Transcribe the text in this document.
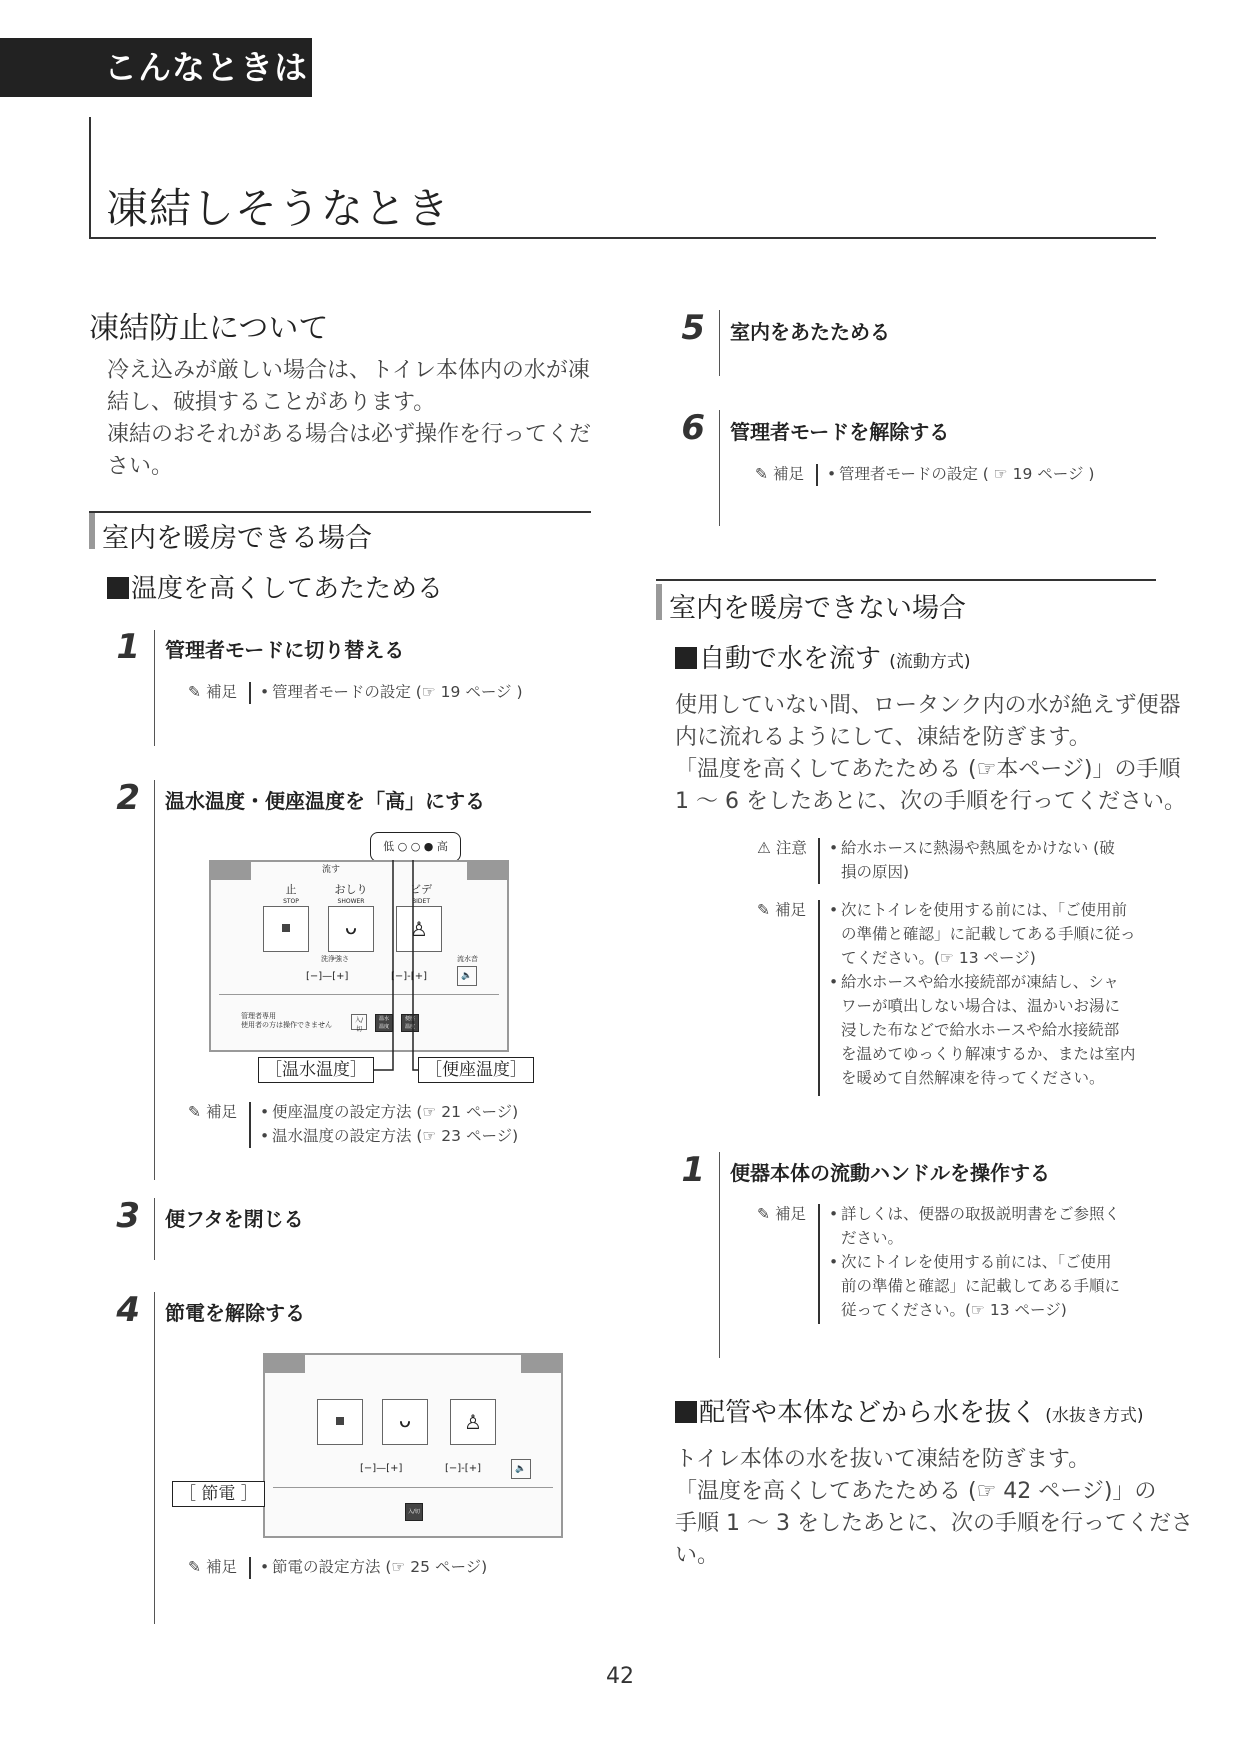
こんなときは
凍結しそうなとき
凍結防止について
冷え込みが厳しい場合は、トイレ本体内の水が凍
結し、破損することがあります。
凍結のおそれがある場合は必ず操作を行ってくだ
さい。
室内を暖房できる場合
温度を高くしてあたためる
1 管理者モードに切り替える
✎ 補足	• 管理者モードの設定 (☞ 19 ページ )
2 温水温度・便座温度を「高」にする
低 ○ ○ ● 高
流す
止
STOP
おしり
SHOWER
ビデ
BIDET
ᴗ	♙
洗浄強さ
[−]—[+]	[−]-[+]
流水音
🔈
管理者専用
使用者の方は操作できません
入/切
温水
温度
便座
温度
［温水温度］	［便座温度］
✎ 補足	• 便座温度の設定方法 (☞ 21 ページ)
• 温水温度の設定方法 (☞ 23 ページ)
3 便フタを閉じる
4 節電を解除する
ᴗ	♙
[−]—[+]	[−]-[+]	🔈
入/切
［ 節電 ］
✎ 補足	• 節電の設定方法 (☞ 25 ページ)
5 室内をあたためる
6 管理者モードを解除する
✎ 補足	• 管理者モードの設定 ( ☞ 19 ページ )
室内を暖房できない場合
自動で水を流す (流動方式)
使用していない間、ロータンク内の水が絶えず便器
内に流れるようにして、凍結を防ぎます。
「温度を高くしてあたためる (☞本ページ)」の手順
1 ～ 6 をしたあとに、次の手順を行ってください。
⚠ 注意	• 給水ホースに熱湯や熱風をかけない (破損の原因)
✎ 補足 • 次にトイレを使用する前には、「ご使用前
の準備と確認」に記載してある手順に従っ
てください。(☞ 13 ページ)
• 給水ホースや給水接続部が凍結し、シャ
ワーが噴出しない場合は、温かいお湯に
浸した布などで給水ホースや給水接続部
を温めてゆっくり解凍するか、または室内
を暖めて自然解凍を待ってください。
1 便器本体の流動ハンドルを操作する
✎ 補足 • 詳しくは、便器の取扱説明書をご参照く
ださい。
• 次にトイレを使用する前には、「ご使用
前の準備と確認」に記載してある手順に
従ってください。(☞ 13 ページ)
配管や本体などから水を抜く (水抜き方式)
トイレ本体の水を抜いて凍結を防ぎます。
「温度を高くしてあたためる (☞ 42 ページ)」の
手順 1 ～ 3 をしたあとに、次の手順を行ってくださ
い。
42
